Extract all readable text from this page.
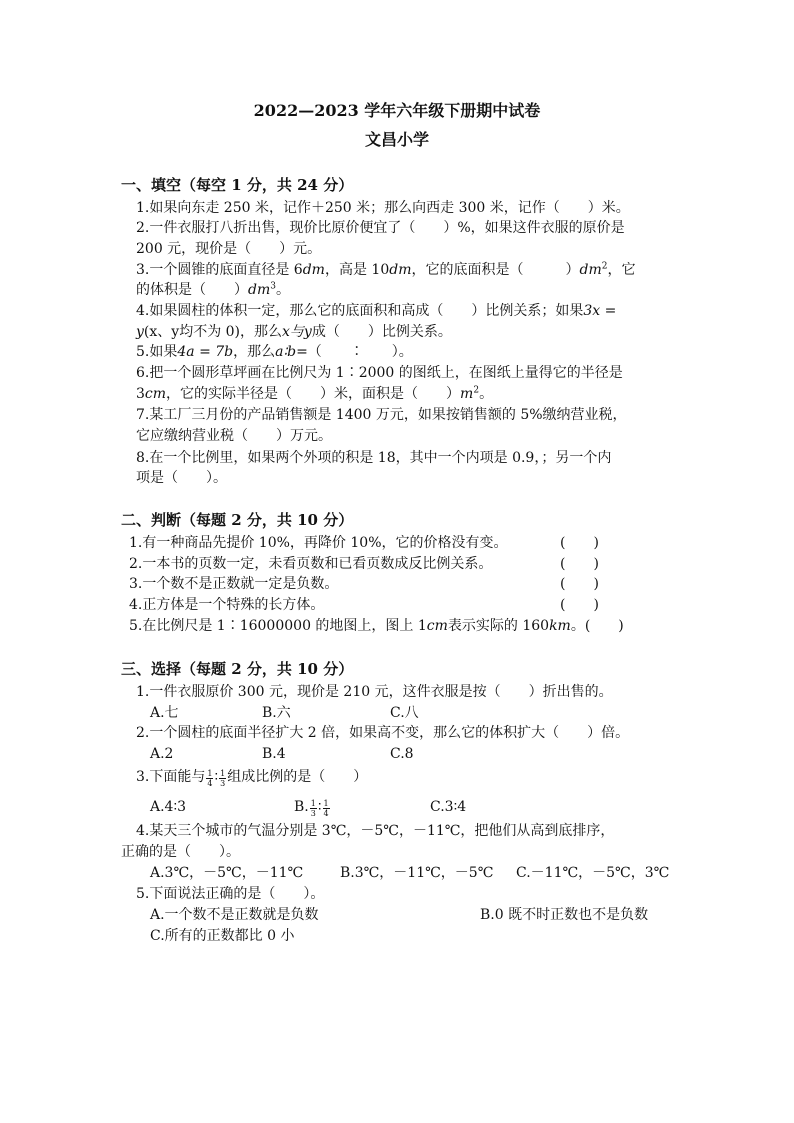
2022—2023 学年六年级下册期中试卷
文昌小学
一、填空（每空 1 分，共 24 分）
1.如果向东走 250 米，记作＋250 米；那么向西走 300 米，记作（　　）米。
2.一件衣服打八折出售，现价比原价便宜了（　　）%，如果这件衣服的原价是
200 元，现价是（　　）元。
3.一个圆锥的底面直径是 6dm，高是 10dm，它的底面积是（　　　）$dm^2$，它
的体积是（　　）$dm^3$。
4.如果圆柱的体积一定，那么它的底面积和高成（　　）比例关系；如果3x =
y(x、y均不为 0)，那么x与y成（　　）比例关系。
5.如果4a = 7b，那么a∶b=（　　∶　　）。
6.把一个圆形草坪画在比例尺为 1∶2000 的图纸上，在图纸上量得它的半径是
3cm，它的实际半径是（　　）米，面积是（　　）$m^2$。
7.某工厂三月份的产品销售额是 1400 万元，如果按销售额的 5%缴纳营业税，
它应缴纳营业税（　　）万元。
8.在一个比例里，如果两个外项的积是 18，其中一个内项是 0.9，；另一个内
项是（　　）。
二、判断（每题 2 分，共 10 分）
1.有一种商品先提价 10%，再降价 10%，它的价格没有变。	(　　)
2.一本书的页数一定，未看页数和已看页数成反比例关系。	(　　)
3.一个数不是正数就一定是负数。	(　　)
4.正方体是一个特殊的长方体。	(　　)
5.在比例尺是 1∶16000000 的地图上，图上 1cm表示实际的 160km。(　　)
三、选择（每题 2 分，共 10 分）
1.一件衣服原价 300 元，现价是 210 元，这件衣服是按（　　）折出售的。
A.七	B.六	C.八
2.一个圆柱的底面半径扩大 2 倍，如果高不变，那么它的体积扩大（　　）倍。
A.2	B.4	C.8
3.下面能与 $\frac{1}{4}$ ∶ $\frac{1}{3}$ 组成比例的是（　　）
A.4∶3	B. $\frac{1}{3}$ ∶ $\frac{1}{4}$	C.3∶4
4.某天三个城市的气温分别是 3℃，－5℃，－11℃，把他们从高到底排序，
正确的是（　　）。
A.3℃，－5℃，－11℃	B.3℃，－11℃，－5℃ C.－11℃，－5℃，3℃
5.下面说法正确的是（　　）。
A.一个数不是正数就是负数	B.0 既不时正数也不是负数
C.所有的正数都比 0 小
